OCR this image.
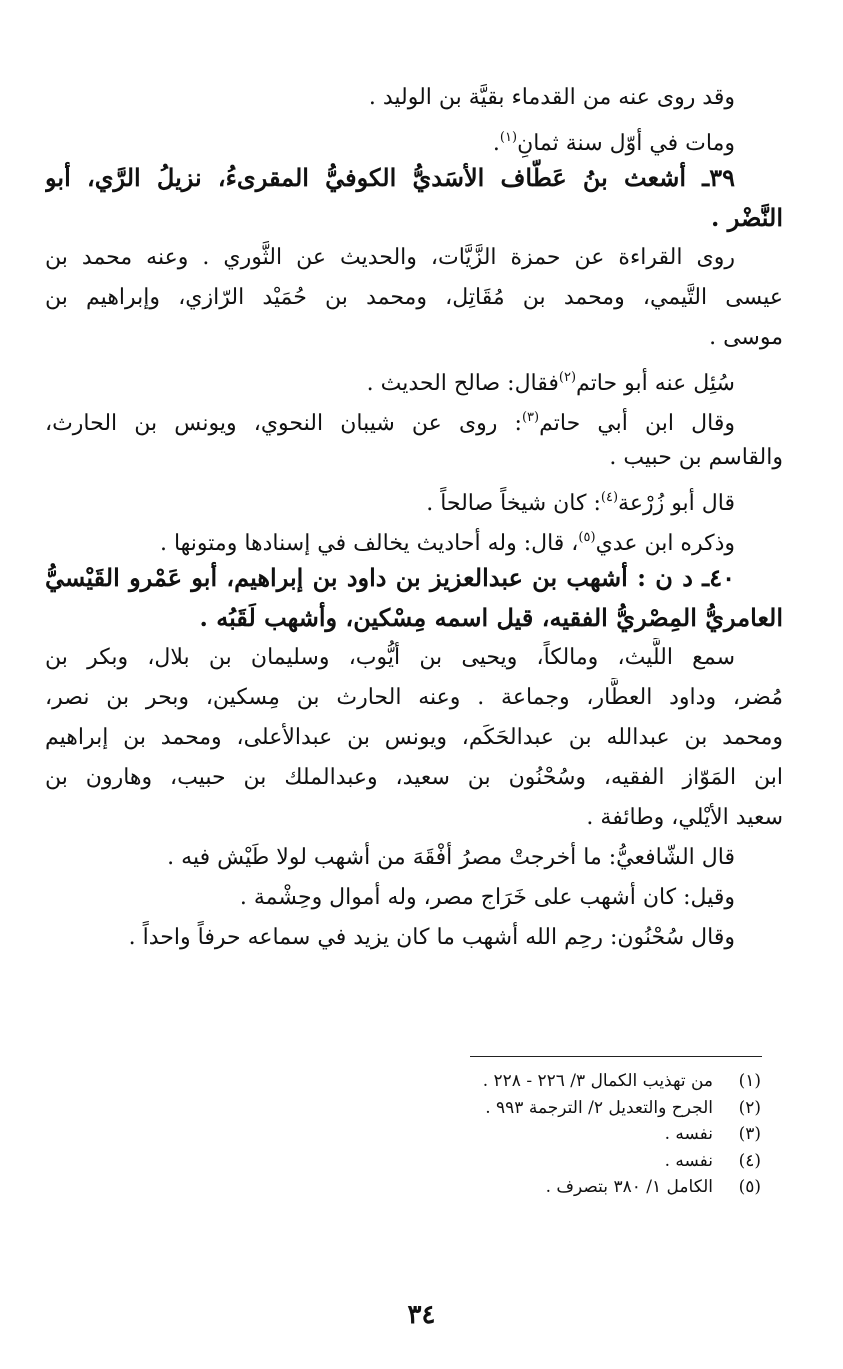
وقد روى عنه من القدماء بقيَّة بن الوليد .
ومات في أوّل سنة ثمانٍ$^{(١)}$.
٣٩ـ أشعث بنُ عَطّاف الأسَديُّ الكوفيُّ المقرىءُ، نزيلُ الرَّي، أبو
النَّضْر .
روى القراءة عن حمزة الزَّيَّات، والحديث عن الثَّوري . وعنه محمد بن
عيسى التَّيمي، ومحمد بن مُقَاتِل، ومحمد بن حُمَيْد الرّازي، وإبراهيم بن
موسى .
سُئِل عنه أبو حاتم$^{(٢)}$فقال: صالح الحديث .
وقال ابن أبي حاتم$^{(٣)}$: روى عن شيبان النحوي، ويونس بن الحارث،
والقاسم بن حبيب .
قال أبو زُرْعة$^{(٤)}$: كان شيخاً صالحاً .
وذكره ابن عدي$^{(٥)}$، قال: وله أحاديث يخالف في إسنادها ومتونها .
٤٠ـ د ن : أشهب بن عبدالعزيز بن داود بن إبراهيم، أبو عَمْرو القَيْسيُّ
العامريُّ المِصْريُّ الفقيه، قيل اسمه مِسْكين، وأشهب لَقَبُه .
سمع اللَّيث، ومالكاً، ويحيى بن أيُّوب، وسليمان بن بلال، وبكر بن
مُضر، وداود العطَّار، وجماعة . وعنه الحارث بن مِسكين، وبحر بن نصر،
ومحمد بن عبدالله بن عبدالحَكَم، ويونس بن عبدالأعلى، ومحمد بن إبراهيم
ابن المَوّاز الفقيه، وسُحْنُون بن سعيد، وعبدالملك بن حبيب، وهارون بن
سعيد الأيْلي، وطائفة .
قال الشّافعيُّ: ما أخرجتْ مصرُ أفْقَهَ من أشهب لولا طَيْش فيه .
وقيل: كان أشهب على خَرَاج مصر، وله أموال وحِشْمة .
وقال سُحْنُون: رحِم الله أشهب ما كان يزيد في سماعه حرفاً واحداً .
(١)
من تهذيب الكمال ٣/ ٢٢٦ - ٢٢٨ .
(٢)
الجرح والتعديل ٢/ الترجمة ٩٩٣ .
(٣)
نفسه .
(٤)
نفسه .
(٥)
الكامل ١/ ٣٨٠ بتصرف .
٣٤
